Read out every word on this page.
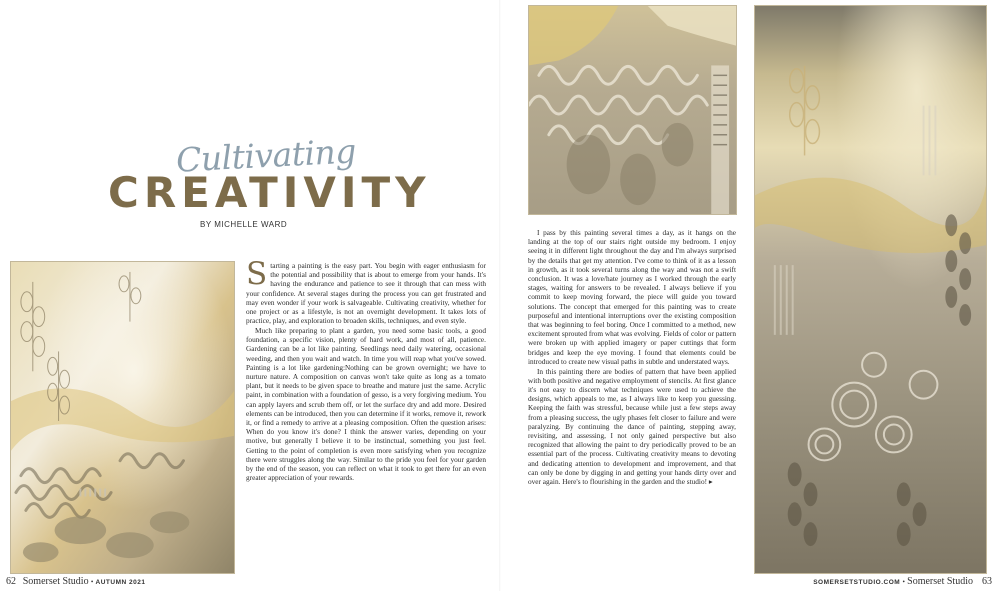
Cultivating
CREATIVITY
BY MICHELLE WARD

Starting a painting is the easy part. You begin with eager enthusiasm for the potential and possibility that is about to emerge from your hands. It's having the endurance and patience to see it through that can mess with your confidence. At several stages during the process you can get frustrated and may even wonder if your work is salvageable. Cultivating creativity, whether for one project or as a lifestyle, is not an overnight development. It takes lots of practice, play, and exploration to broaden skills, techniques, and even style.

Much like preparing to plant a garden, you need some basic tools, a good foundation, a specific vision, plenty of hard work, and most of all, patience. Gardening can be a lot like painting. Seedlings need daily watering, occasional weeding, and then you wait and watch. In time you will reap what you've sowed. Painting is a lot like gardening:Nothing can be grown overnight; we have to nurture nature. A composition on canvas won't take quite as long as a tomato plant, but it needs to be given space to breathe and mature just the same. Acrylic paint, in combination with a foundation of gesso, is a very forgiving medium. You can apply layers and scrub them off, or let the surface dry and add more. Desired elements can be introduced, then you can determine if it works, remove it, rework it, or find a remedy to arrive at a pleasing composition. Often the question arises: When do you know it's done? I think the answer varies, depending on your motive, but generally I believe it to be instinctual, something you just feel. Getting to the point of completion is even more satisfying when you recognize there were struggles along the way. Similar to the pride you feel for your garden by the end of the season, you can reflect on what it took to get there for an even greater appreciation of your rewards.

I pass by this painting several times a day, as it hangs on the landing at the top of our stairs right outside my bedroom. I enjoy seeing it in different light throughout the day and I'm always surprised by the details that get my attention. I've come to think of it as a lesson in growth, as it took several turns along the way and was not a swift conclusion. It was a love/hate journey as I worked through the early stages, waiting for answers to be revealed. I always believe if you commit to keep moving forward, the piece will guide you toward solutions. The concept that emerged for this painting was to create purposeful and intentional interruptions over the existing composition that was beginning to feel boring. Once I committed to a method, new excitement sprouted from what was evolving. Fields of color or pattern were broken up with applied imagery or paper cuttings that form bridges and keep the eye moving. I found that elements could be introduced to create new visual paths in subtle and understated ways.

In this painting there are bodies of pattern that have been applied with both positive and negative employment of stencils. At first glance it's not easy to discern what techniques were used to achieve the designs, which appeals to me, as I always like to keep you guessing. Keeping the faith was stressful, because while just a few steps away from a pleasing success, the ugly phases felt closer to failure and were paralyzing. By continuing the dance of painting, stepping away, revisiting, and assessing, I not only gained perspective but also recognized that allowing the paint to dry periodically proved to be an essential part of the process. Cultivating creativity means to devoting and dedicating attention to development and improvement, and that can only be done by digging in and getting your hands dirty over and over again. Here's to flourishing in the garden and the studio! ▸

62 Somerset Studio • AUTUMN 2021	SOMERSETSTUDIO.COM • Somerset Studio 63
